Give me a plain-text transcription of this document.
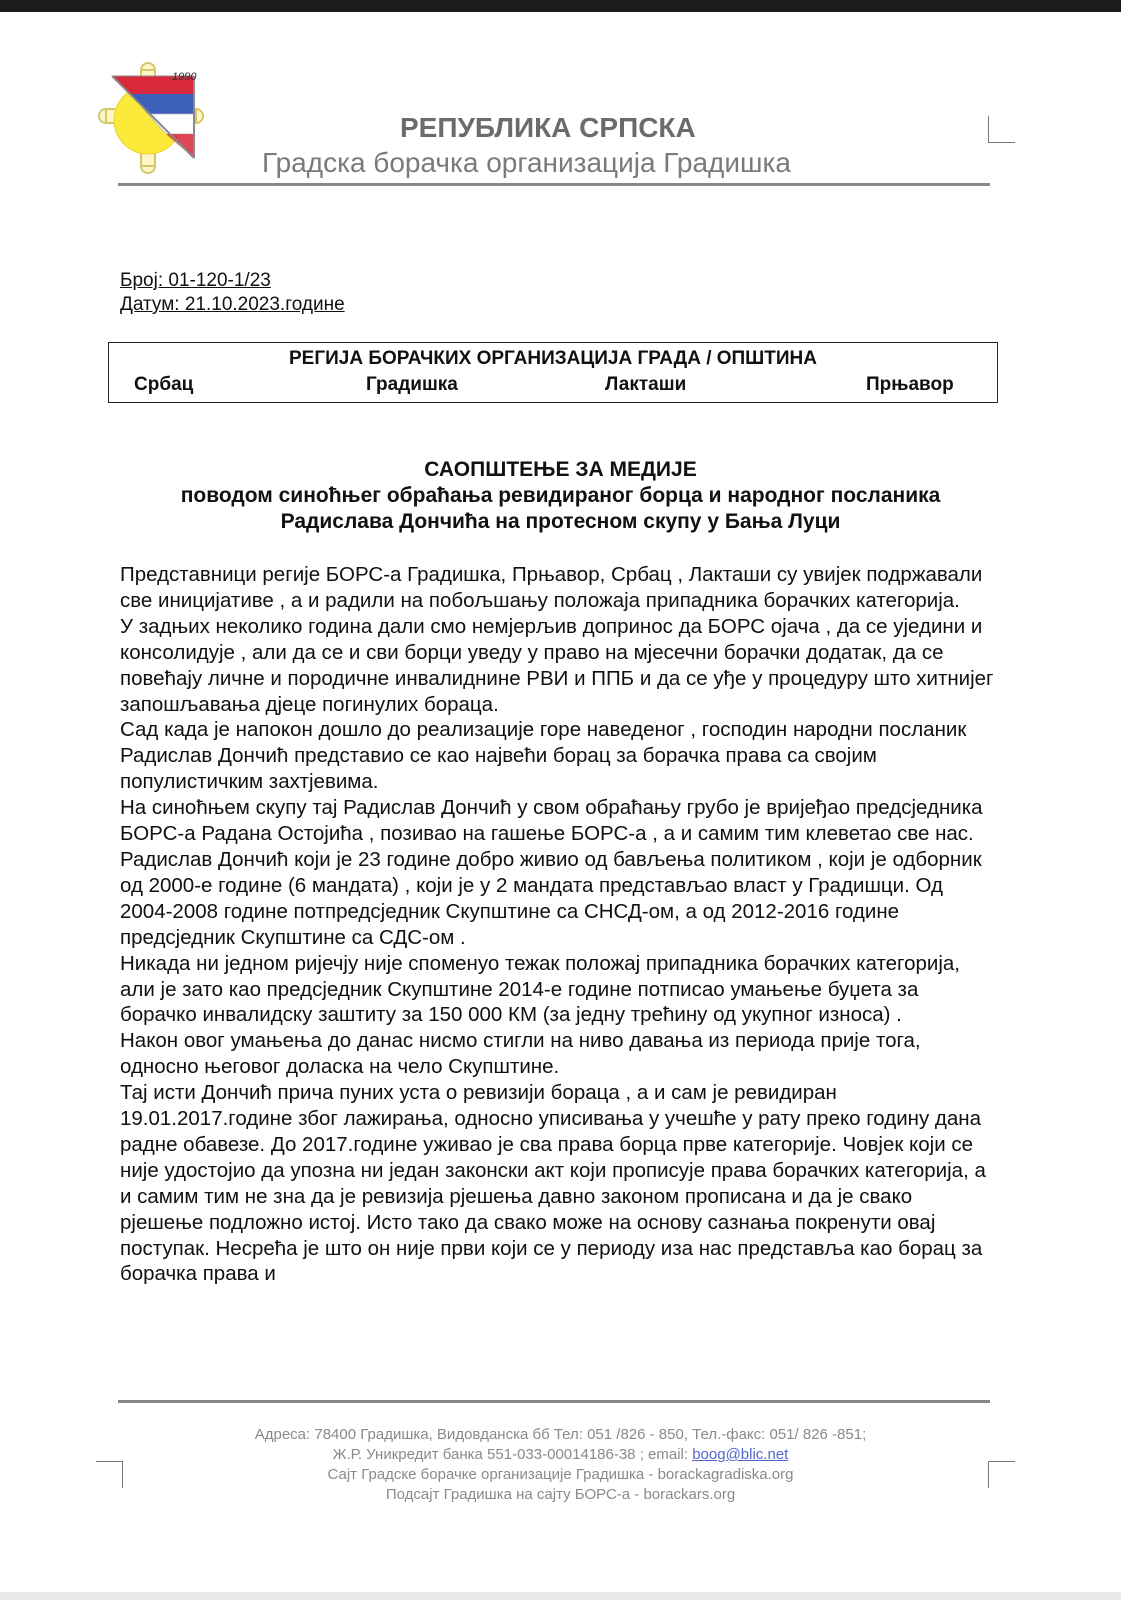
1990
РЕПУБЛИКА СРПСКА
Градска борачка организација Градишка
Број: 01-120-1/23
Датум: 21.10.2023.године
РЕГИЈА БОРАЧКИХ ОРГАНИЗАЦИЈА ГРАДА / ОПШТИНА
Србац	Градишка	Лакташи	Прњавор
САОПШТЕЊЕ ЗА МЕДИЈЕ
поводом синоћњег обраћања ревидираног борца и народног посланика
Радислава Дончића на протесном скупу у Бања Луци

Представници регије БОРС-а Градишка, Прњавор, Србац , Лакташи су увијек подржавали све иницијативе , а и радили на побољшању положаја припадника борачких категорија.

У задњих неколико година дали смо немјерљив допринос да БОРС ојача , да се уједини и консолидује , али да се и сви борци уведу у право на мјесечни борачки додатак, да се повећају личне и породичне инвалиднине РВИ и ППБ и да се уђе у процедуру што хитнијег запошљавања дјеце погинулих бораца.

Сад када је напокон дошло до реализације горе наведеног , господин народни посланик Радислав Дончић представио се као највећи борац за борачка права са својим популистичким захтјевима.

На синоћњем скупу тај Радислав Дончић у свом обраћању грубо је вријеђао предсједника БОРС-а Радана Остојића , позивао на гашење БОРС-а , а и самим тим клеветао све нас.

Радислав Дончић који је 23 године добро живио од бављења политиком , који је одборник од 2000-е године (6 мандата) , који је у 2 мандата представљао власт у Градишци. Од 2004-2008 године потпредсједник Скупштине са СНСД-ом, а од 2012-2016 године предсједник Скупштине са СДС-ом .

Никада ни једном ријечју није споменуо тежак положај припадника борачких категорија, али је зато као предсједник Скупштине 2014-е године потписао умањење буџета за борачко инвалидску заштиту за 150 000 КМ (за једну трећину од укупног износа) .

Након овог умањења до данас нисмо стигли на ниво давања из периода прије тога, односно његовог доласка на чело Скупштине.

Тај исти Дончић прича пуних уста о ревизији бораца , а и сам је ревидиран 19.01.2017.године због лажирања, односно уписивања у учешће у рату преко годину дана радне обавезе. До 2017.године уживао је сва права борца прве категорије. Човјек који се није удостојио да упозна ни један законски акт који прописује права борачких категорија, а и самим тим не зна да је ревизија рјешења давно законом прописана и да је свако рјешење подложно истој. Исто тако да свако може на основу сазнања покренути овај поступак. Несрећа је што он није први који се у периоду иза нас представља као борац за борачка права и

Адреса: 78400 Градишка, Видовданска бб Тел: 051 /826 - 850, Тел.-факс: 051/ 826 -851;
Ж.Р. Уникредит банка 551-033-00014186-38 ; email: boog@blic.net
Сајт Градске борачке организације Градишка - borackagradiska.org
Подсајт Градишка на сајту БОРС-а - borackars.org
